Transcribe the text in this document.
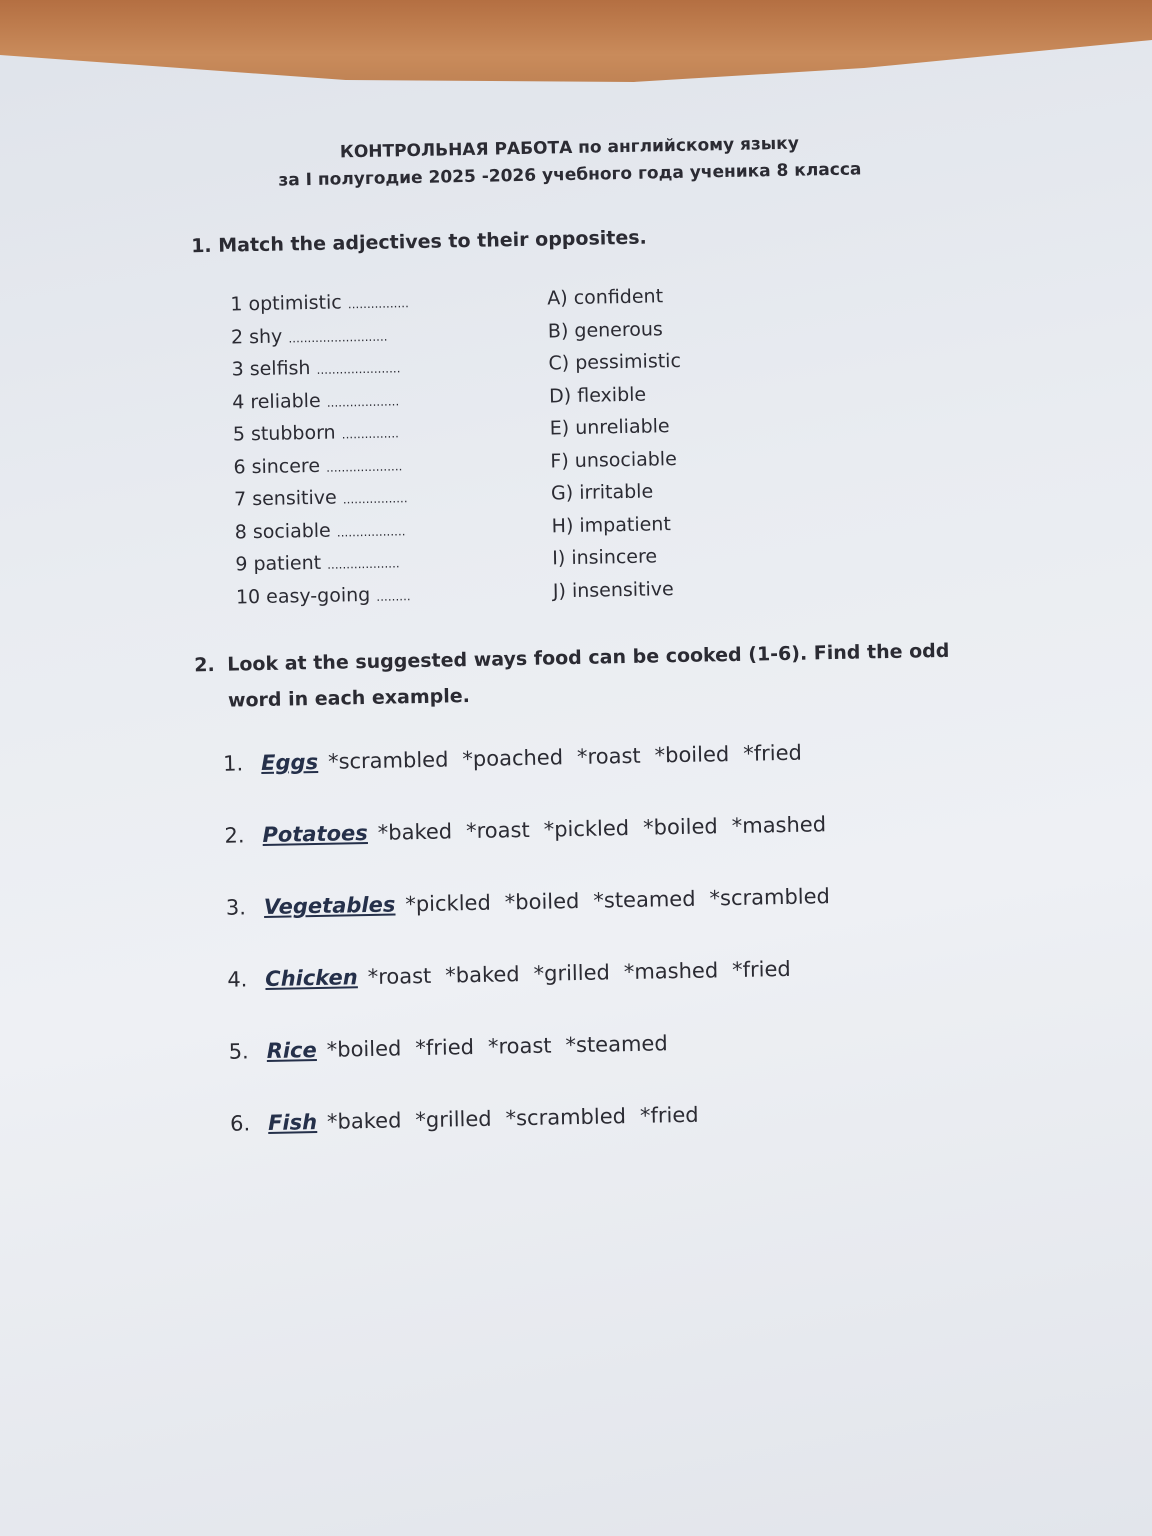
КОНТРОЛЬНАЯ РАБОТА по английскому языку
за I полугодие 2025 -2026 учебного года ученика 8 класса
1. Match the adjectives to their opposites.
1 optimistic ................
2 shy ..........................
3 selfish ......................
4 reliable ...................
5 stubborn ...............
6 sincere ....................
7 sensitive .................
8 sociable ..................
9 patient ...................
10 easy-going .........
A) confident
B) generous
C) pessimistic
D) flexible
E) unreliable
F) unsociable
G) irritable
H) impatient
I) insincere
J) insensitive
2. Look at the suggested ways food can be cooked (1-6). Find the odd word in each example.
1. Eggs *scrambled *poached *roast *boiled *fried
2. Potatoes *baked *roast *pickled *boiled *mashed
3. Vegetables *pickled *boiled *steamed *scrambled
4. Chicken *roast *baked *grilled *mashed *fried
5. Rice *boiled *fried *roast *steamed
6. Fish *baked *grilled *scrambled *fried
